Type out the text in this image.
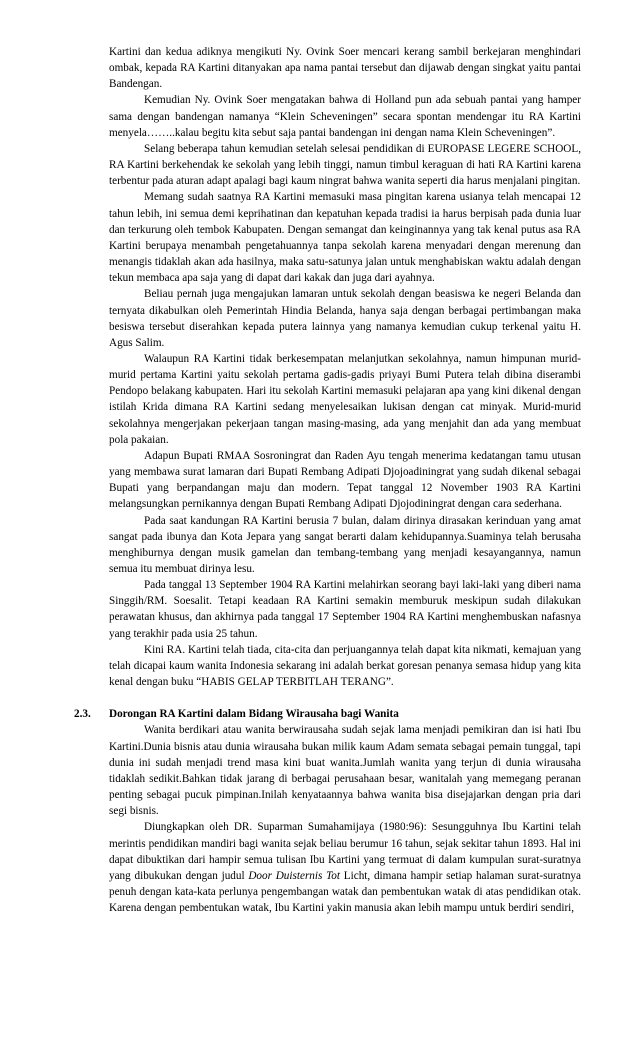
Kartini dan kedua adiknya mengikuti Ny. Ovink Soer mencari kerang sambil berkejaran menghindari ombak, kepada RA Kartini ditanyakan apa nama pantai tersebut dan dijawab dengan singkat yaitu pantai Bandengan.

Kemudian Ny. Ovink Soer mengatakan bahwa di Holland pun ada sebuah pantai yang hamper sama dengan bandengan namanya “Klein Scheveningen” secara spontan mendengar itu RA Kartini menyela……..kalau begitu kita sebut saja pantai bandengan ini dengan nama Klein Scheveningen”.

Selang beberapa tahun kemudian setelah selesai pendidikan di EUROPASE LEGERE SCHOOL, RA Kartini berkehendak ke sekolah yang lebih tinggi, namun timbul keraguan di hati RA Kartini karena terbentur pada aturan adapt apalagi bagi kaum ningrat bahwa wanita seperti dia harus menjalani pingitan.

Memang sudah saatnya RA Kartini memasuki masa pingitan karena usianya telah mencapai 12 tahun lebih, ini semua demi keprihatinan dan kepatuhan kepada tradisi ia harus berpisah pada dunia luar dan terkurung oleh tembok Kabupaten. Dengan semangat dan keinginannya yang tak kenal putus asa RA Kartini berupaya menambah pengetahuannya tanpa sekolah karena menyadari dengan merenung dan menangis tidaklah akan ada hasilnya, maka satu-satunya jalan untuk menghabiskan waktu adalah dengan tekun membaca apa saja yang di dapat dari kakak dan juga dari ayahnya.

Beliau pernah juga mengajukan lamaran untuk sekolah dengan beasiswa ke negeri Belanda dan ternyata dikabulkan oleh Pemerintah Hindia Belanda, hanya saja dengan berbagai pertimbangan maka besiswa tersebut diserahkan kepada putera lainnya yang namanya kemudian cukup terkenal yaitu H. Agus Salim.

Walaupun RA Kartini tidak berkesempatan melanjutkan sekolahnya, namun himpunan murid-murid pertama Kartini yaitu sekolah pertama gadis-gadis priyayi Bumi Putera telah dibina diserambi Pendopo belakang kabupaten. Hari itu sekolah Kartini memasuki pelajaran apa yang kini dikenal dengan istilah Krida dimana RA Kartini sedang menyelesaikan lukisan dengan cat minyak. Murid-murid sekolahnya mengerjakan pekerjaan tangan masing-masing, ada yang menjahit dan ada yang membuat pola pakaian.

Adapun Bupati RMAA Sosroningrat dan Raden Ayu tengah menerima kedatangan tamu utusan yang membawa surat lamaran dari Bupati Rembang Adipati Djojoadiningrat yang sudah dikenal sebagai Bupati yang berpandangan maju dan modern. Tepat tanggal 12 November 1903 RA Kartini melangsungkan pernikannya dengan Bupati Rembang Adipati Djojodiningrat dengan cara sederhana.

Pada saat kandungan RA Kartini berusia 7 bulan, dalam dirinya dirasakan kerinduan yang amat sangat pada ibunya dan Kota Jepara yang sangat berarti dalam kehidupannya.Suaminya telah berusaha menghiburnya dengan musik gamelan dan tembang-tembang yang menjadi kesayangannya, namun semua itu membuat dirinya lesu.

Pada tanggal 13 September 1904 RA Kartini melahirkan seorang bayi laki-laki yang diberi nama Singgih/RM. Soesalit. Tetapi keadaan RA Kartini semakin memburuk meskipun sudah dilakukan perawatan khusus, dan akhirnya pada tanggal 17 September 1904 RA Kartini menghembuskan nafasnya yang terakhir pada usia 25 tahun.

Kini RA. Kartini telah tiada, cita-cita dan perjuangannya telah dapat kita nikmati, kemajuan yang telah dicapai kaum wanita Indonesia sekarang ini adalah berkat goresan penanya semasa hidup yang kita kenal dengan buku “HABIS GELAP TERBITLAH TERANG”.

2.3. Dorongan RA Kartini dalam Bidang Wirausaha bagi Wanita

Wanita berdikari atau wanita berwirausaha sudah sejak lama menjadi pemikiran dan isi hati Ibu Kartini.Dunia bisnis atau dunia wirausaha bukan milik kaum Adam semata sebagai pemain tunggal, tapi dunia ini sudah menjadi trend masa kini buat wanita.Jumlah wanita yang terjun di dunia wirausaha tidaklah sedikit.Bahkan tidak jarang di berbagai perusahaan besar, wanitalah yang memegang peranan penting sebagai pucuk pimpinan.Inilah kenyataannya bahwa wanita bisa disejajarkan dengan pria dari segi bisnis.

Diungkapkan oleh DR. Suparman Sumahamijaya (1980:96): Sesungguhnya Ibu Kartini telah merintis pendidikan mandiri bagi wanita sejak beliau berumur 16 tahun, sejak sekitar tahun 1893. Hal ini dapat dibuktikan dari hampir semua tulisan Ibu Kartini yang termuat di dalam kumpulan surat-suratnya yang dibukukan dengan judul Door Duisternis Tot Licht, dimana hampir setiap halaman surat-suratnya penuh dengan kata-kata perlunya pengembangan watak dan pembentukan watak di atas pendidikan otak. Karena dengan pembentukan watak, Ibu Kartini yakin manusia akan lebih mampu untuk berdiri sendiri,
